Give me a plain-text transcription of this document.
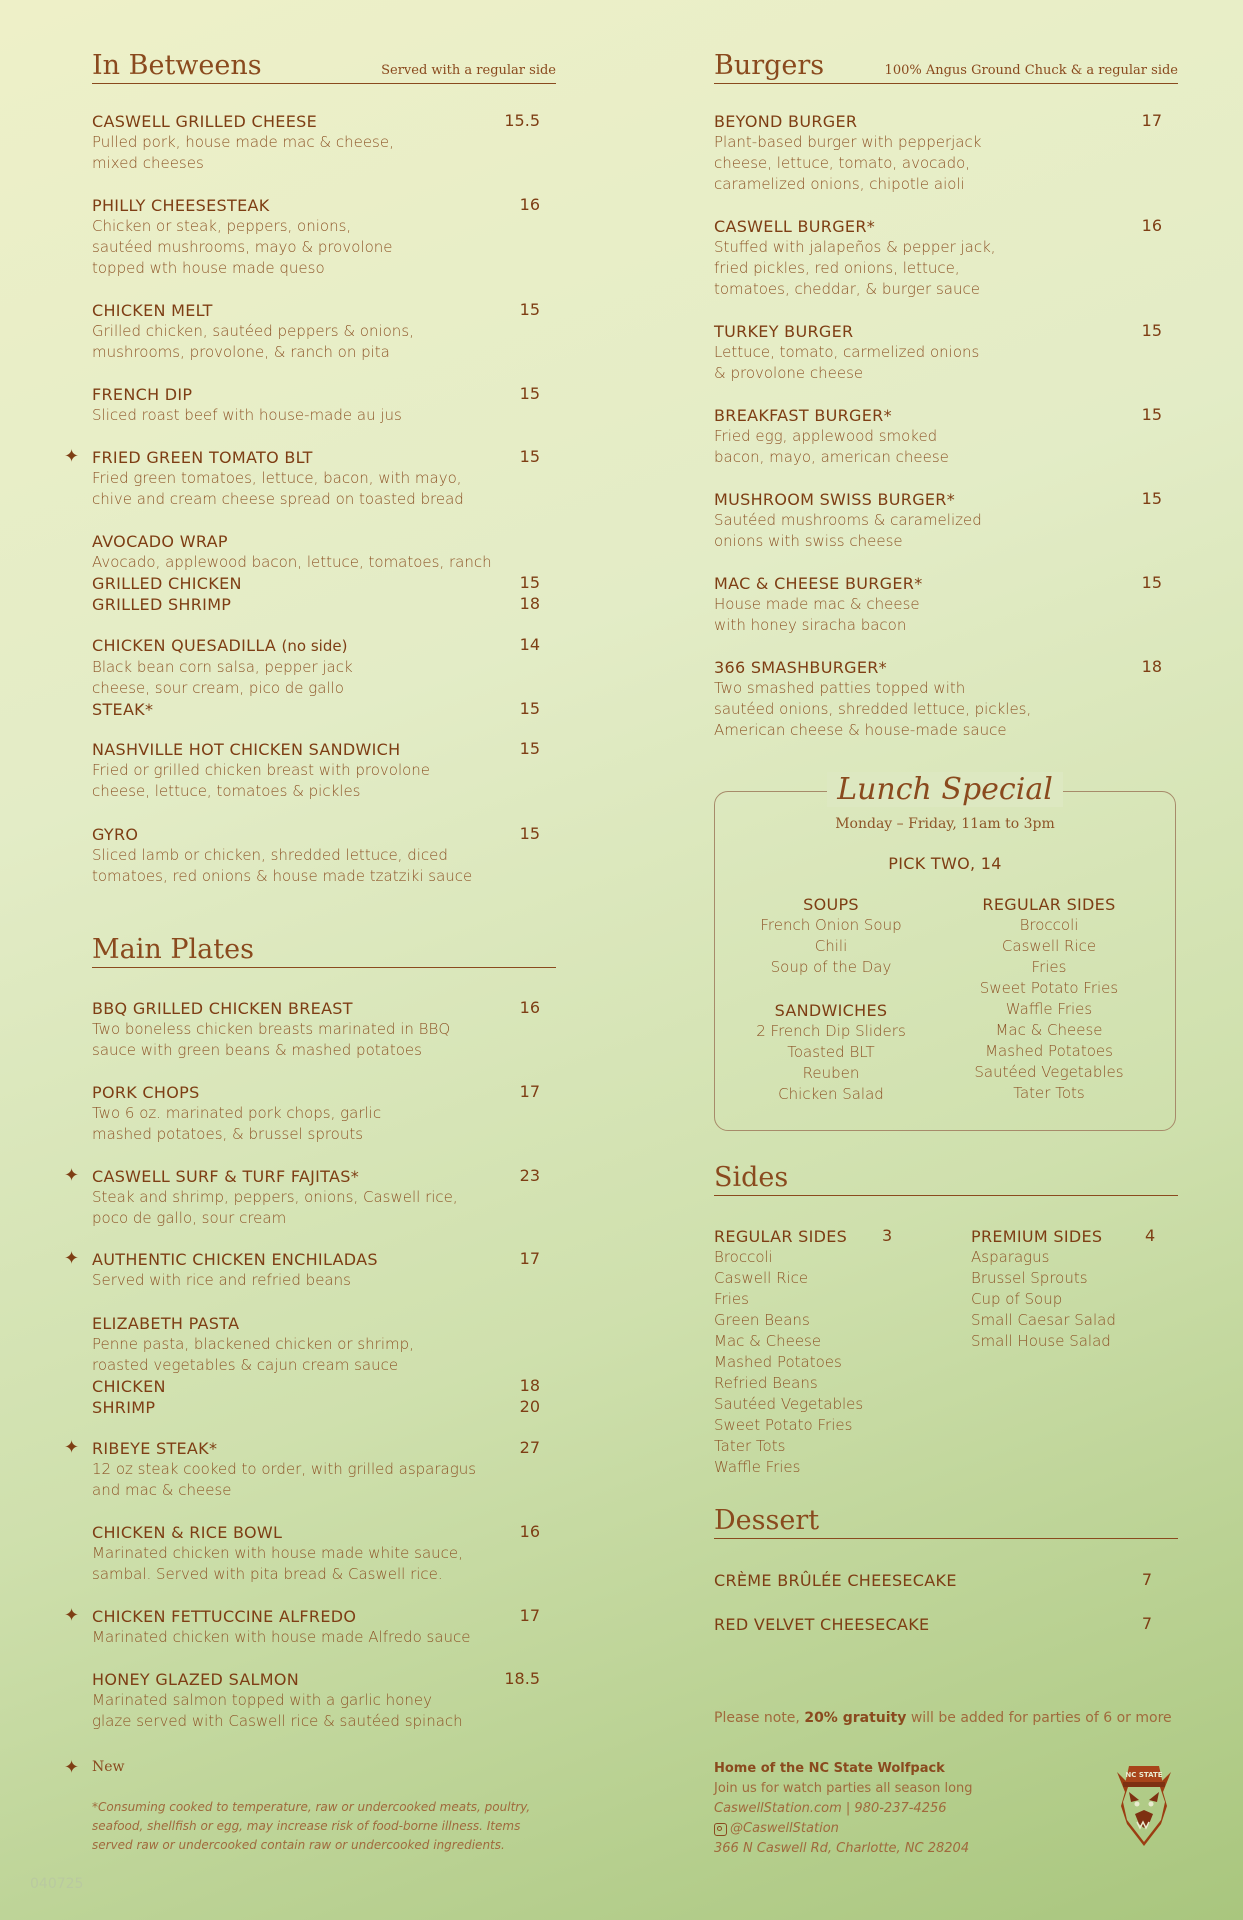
In Betweens	Served with a regular side
CASWELL GRILLED CHEESE
Pulled pork, house made mac & cheese,
mixed cheeses
15.5
PHILLY CHEESESTEAK
Chicken or steak, peppers, onions,
sautéed mushrooms, mayo & provolone
topped wth house made queso
16
CHICKEN MELT
Grilled chicken, sautéed peppers & onions,
mushrooms, provolone, & ranch on pita
15
FRENCH DIP
Sliced roast beef with house-made au jus
15
✦ FRIED GREEN TOMATO BLT
Fried green tomatoes, lettuce, bacon, with mayo,
chive and cream cheese spread on toasted bread
15
AVOCADO WRAP
Avocado, applewood bacon, lettuce, tomatoes, ranch
GRILLED CHICKEN	15
GRILLED SHRIMP	18
CHICKEN QUESADILLA (no side)
Black bean corn salsa, pepper jack
cheese, sour cream, pico de gallo
14
STEAK*	15
NASHVILLE HOT CHICKEN SANDWICH
Fried or grilled chicken breast with provolone
cheese, lettuce, tomatoes & pickles
15
GYRO
Sliced lamb or chicken, shredded lettuce, diced
tomatoes, red onions & house made tzatziki sauce
15
Main Plates
BBQ GRILLED CHICKEN BREAST
Two boneless chicken breasts marinated in BBQ
sauce with green beans & mashed potatoes
16
PORK CHOPS
Two 6 oz. marinated pork chops, garlic
mashed potatoes, & brussel sprouts
17
✦ CASWELL SURF & TURF FAJITAS*
Steak and shrimp, peppers, onions, Caswell rice,
poco de gallo, sour cream
23
✦ AUTHENTIC CHICKEN ENCHILADAS
Served with rice and refried beans
17
ELIZABETH PASTA
Penne pasta, blackened chicken or shrimp,
roasted vegetables & cajun cream sauce
CHICKEN	18
SHRIMP	20
✦ RIBEYE STEAK*
12 oz steak cooked to order, with grilled asparagus
and mac & cheese
27
CHICKEN & RICE BOWL
Marinated chicken with house made white sauce,
sambal. Served with pita bread & Caswell rice.
16
✦ CHICKEN FETTUCCINE ALFREDO
Marinated chicken with house made Alfredo sauce
17
HONEY GLAZED SALMON
Marinated salmon topped with a garlic honey
glaze served with Caswell rice & sautéed spinach
18.5
✦ New
*Consuming cooked to temperature, raw or undercooked meats, poultry,
seafood, shellfish or egg, may increase risk of food-borne illness. Items
served raw or undercooked contain raw or undercooked ingredients.
040725
Burgers	100% Angus Ground Chuck & a regular side
BEYOND BURGER
Plant-based burger with pepperjack
cheese, lettuce, tomato, avocado,
caramelized onions, chipotle aioli
17
CASWELL BURGER*
Stuffed with jalapeños & pepper jack,
fried pickles, red onions, lettuce,
tomatoes, cheddar, & burger sauce
16
TURKEY BURGER
Lettuce, tomato, carmelized onions
& provolone cheese
15
BREAKFAST BURGER*
Fried egg, applewood smoked
bacon, mayo, american cheese
15
MUSHROOM SWISS BURGER*
Sautéed mushrooms & caramelized
onions with swiss cheese
15
MAC & CHEESE BURGER*
House made mac & cheese
with honey siracha bacon
15
366 SMASHBURGER*
Two smashed patties topped with
sautéed onions, shredded lettuce, pickles,
American cheese & house-made sauce
18
Lunch Special
Monday – Friday, 11am to 3pm
PICK TWO, 14
SOUPS
French Onion Soup
Chili
Soup of the Day
SANDWICHES
2 French Dip Sliders
Toasted BLT
Reuben
Chicken Salad
REGULAR SIDES
Broccoli
Caswell Rice
Fries
Sweet Potato Fries
Waffle Fries
Mac & Cheese
Mashed Potatoes
Sautéed Vegetables
Tater Tots
Sides
REGULAR SIDES	3
Broccoli
Caswell Rice
Fries
Green Beans
Mac & Cheese
Mashed Potatoes
Refried Beans
Sautéed Vegetables
Sweet Potato Fries
Tater Tots
Waffle Fries
PREMIUM SIDES	4
Asparagus
Brussel Sprouts
Cup of Soup
Small Caesar Salad
Small House Salad
Dessert
CRÈME BRÛLÉE CHEESECAKE	7
RED VELVET CHEESECAKE	7
Please note, 20% gratuity will be added for parties of 6 or more
Home of the NC State Wolfpack
Join us for watch parties all season long
CaswellStation.com | 980-237-4256
@CaswellStation
366 N Caswell Rd, Charlotte, NC 28204
NC STATE
